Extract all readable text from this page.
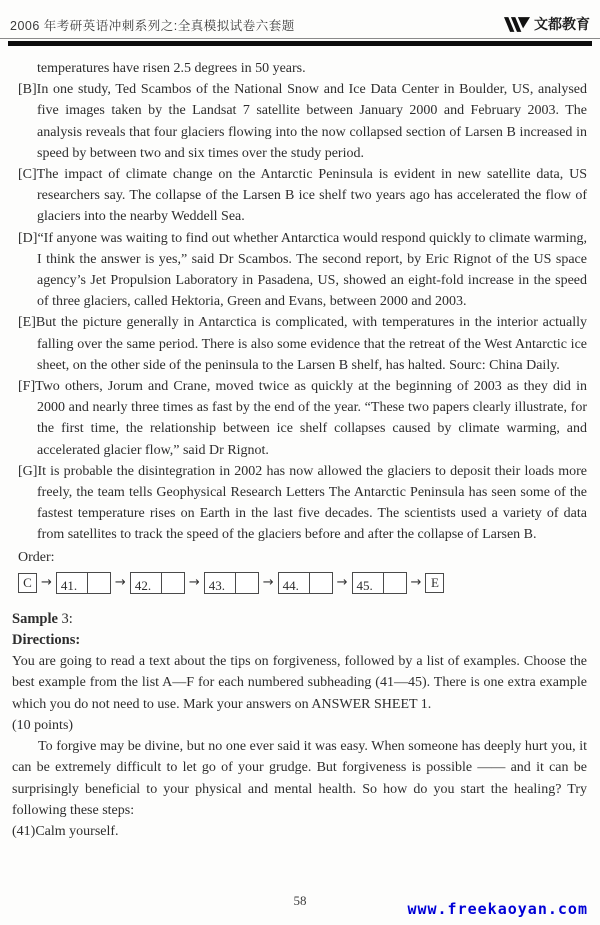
2006 年考研英语冲刺系列之:全真模拟试卷六套题	文都教育

temperatures have risen 2.5 degrees in 50 years.

[B]In one study, Ted Scambos of the National Snow and Ice Data Center in Boulder, US, analysed five images taken by the Landsat 7 satellite between January 2000 and February 2003. The analysis reveals that four glaciers flowing into the now collapsed section of Larsen B increased in speed by between two and six times over the study period.

[C]The impact of climate change on the Antarctic Peninsula is evident in new satellite data, US researchers say. The collapse of the Larsen B ice shelf two years ago has accelerated the flow of glaciers into the nearby Weddell Sea.

[D]“If anyone was waiting to find out whether Antarctica would respond quickly to climate warming, I think the answer is yes,” said Dr Scambos. The second report, by Eric Rignot of the US space agency’s Jet Propulsion Laboratory in Pasadena, US, showed an eight-fold increase in the speed of three glaciers, called Hektoria, Green and Evans, between 2000 and 2003.

[E]But the picture generally in Antarctica is complicated, with temperatures in the interior actually falling over the same period. There is also some evidence that the retreat of the West Antarctic ice sheet, on the other side of the peninsula to the Larsen B shelf, has halted. Sourc: China Daily.

[F]Two others, Jorum and Crane, moved twice as quickly at the beginning of 2003 as they did in 2000 and nearly three times as fast by the end of the year. “These two papers clearly illustrate, for the first time, the relationship between ice shelf collapses caused by climate warming, and accelerated glacier flow,” said Dr Rignot.

[G]It is probable the disintegration in 2002 has now allowed the glaciers to deposit their loads more freely, the team tells Geophysical Research Letters The Antarctic Peninsula has seen some of the fastest temperature rises on Earth in the last five decades. The scientists used a variety of data from satellites to track the speed of the glaciers before and after the collapse of Larsen B.

Order:
C → 41.	→ 42.	→ 43.	→ 44.	→ 45.	→ E

Sample 3:

Directions:

You are going to read a text about the tips on forgiveness, followed by a list of examples. Choose the best example from the list A—F for each numbered subheading (41—45). There is one extra example which you do not need to use. Mark your answers on ANSWER SHEET 1.

(10 points)

To forgive may be divine, but no one ever said it was easy. When someone has deeply hurt you, it can be extremely difficult to let go of your grudge. But forgiveness is possible —— and it can be surprisingly beneficial to your physical and mental health. So how do you start the healing? Try following these steps:

(41)Calm yourself.

58	www.freekaoyan.com
